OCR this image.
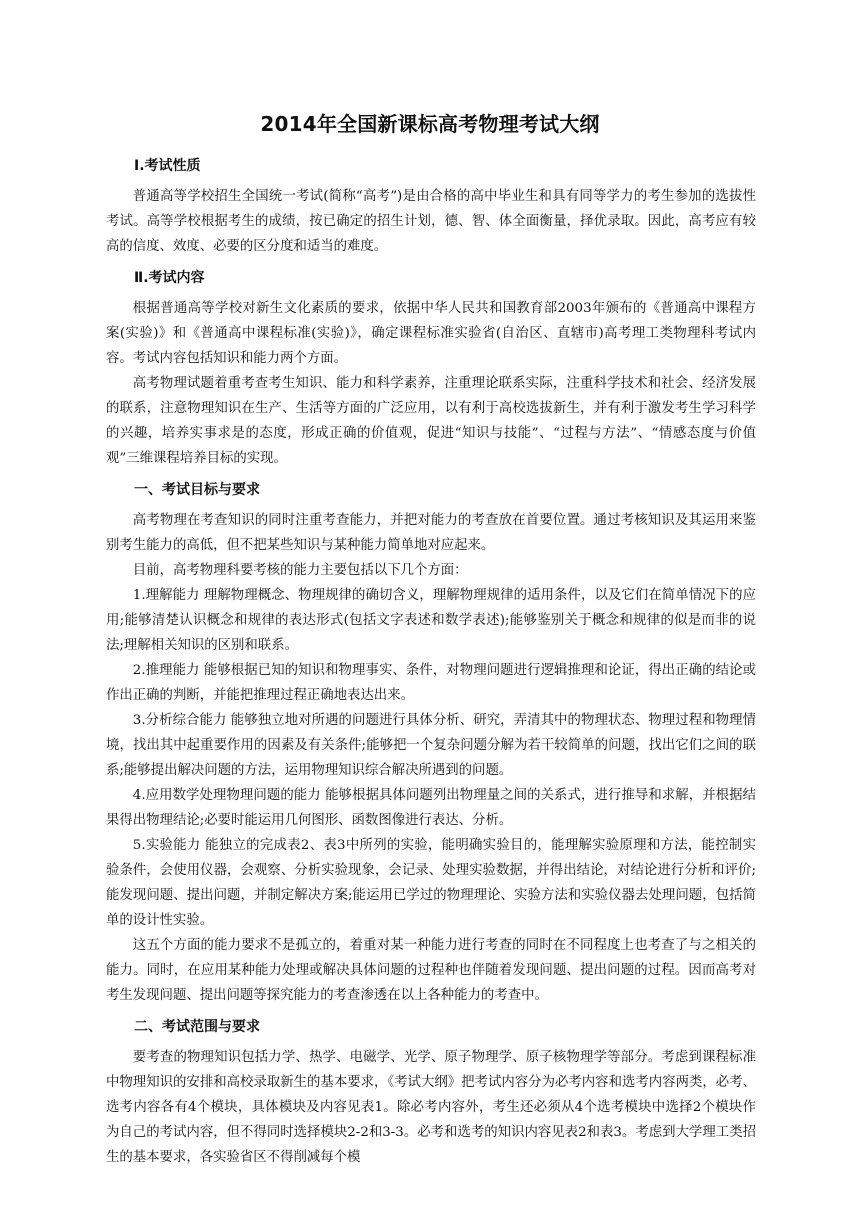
2014年全国新课标高考物理考试大纲
Ⅰ.考试性质

普通高等学校招生全国统一考试(简称“高考”)是由合格的高中毕业生和具有同等学力的考生参加的选拔性考试。高等学校根据考生的成绩，按已确定的招生计划，德、智、体全面衡量，择优录取。因此，高考应有较高的信度、效度、必要的区分度和适当的难度。

Ⅱ.考试内容

根据普通高等学校对新生文化素质的要求，依据中华人民共和国教育部2003年颁布的《普通高中课程方案(实验)》和《普通高中课程标准(实验)》，确定课程标准实验省(自治区、直辖市)高考理工类物理科考试内容。考试内容包括知识和能力两个方面。

高考物理试题着重考查考生知识、能力和科学素养，注重理论联系实际，注重科学技术和社会、经济发展的联系，注意物理知识在生产、生活等方面的广泛应用，以有利于高校选拔新生，并有利于激发考生学习科学的兴趣，培养实事求是的态度，形成正确的价值观，促进“知识与技能”、“过程与方法”、“情感态度与价值观”三维课程培养目标的实现。

一、考试目标与要求

高考物理在考查知识的同时注重考查能力，并把对能力的考查放在首要位置。通过考核知识及其运用来鉴别考生能力的高低，但不把某些知识与某种能力简单地对应起来。

目前，高考物理科要考核的能力主要包括以下几个方面：

1.理解能力 理解物理概念、物理规律的确切含义，理解物理规律的适用条件，以及它们在简单情况下的应用;能够清楚认识概念和规律的表达形式(包括文字表述和数学表述);能够鉴别关于概念和规律的似是而非的说法;理解相关知识的区别和联系。

2.推理能力 能够根据已知的知识和物理事实、条件，对物理问题进行逻辑推理和论证，得出正确的结论或作出正确的判断，并能把推理过程正确地表达出来。

3.分析综合能力 能够独立地对所遇的问题进行具体分析、研究，弄清其中的物理状态、物理过程和物理情境，找出其中起重要作用的因素及有关条件;能够把一个复杂问题分解为若干较简单的问题，找出它们之间的联系;能够提出解决问题的方法，运用物理知识综合解决所遇到的问题。

4.应用数学处理物理问题的能力 能够根据具体问题列出物理量之间的关系式，进行推导和求解，并根据结果得出物理结论;必要时能运用几何图形、函数图像进行表达、分析。

5.实验能力 能独立的完成表2、表3中所列的实验，能明确实验目的，能理解实验原理和方法，能控制实验条件，会使用仪器，会观察、分析实验现象，会记录、处理实验数据，并得出结论，对结论进行分析和评价;能发现问题、提出问题，并制定解决方案;能运用已学过的物理理论、实验方法和实验仪器去处理问题，包括简单的设计性实验。

这五个方面的能力要求不是孤立的，着重对某一种能力进行考查的同时在不同程度上也考查了与之相关的能力。同时，在应用某种能力处理或解决具体问题的过程种也伴随着发现问题、提出问题的过程。因而高考对考生发现问题、提出问题等探究能力的考查渗透在以上各种能力的考查中。

二、考试范围与要求

要考查的物理知识包括力学、热学、电磁学、光学、原子物理学、原子核物理学等部分。考虑到课程标准中物理知识的安排和高校录取新生的基本要求，《考试大纲》把考试内容分为必考内容和选考内容两类，必考、选考内容各有4个模块，具体模块及内容见表1。除必考内容外，考生还必须从4个选考模块中选择2个模块作为自己的考试内容，但不得同时选择模块2-2和3-3。必考和选考的知识内容见表2和表3。考虑到大学理工类招生的基本要求，各实验省区不得削减每个模
